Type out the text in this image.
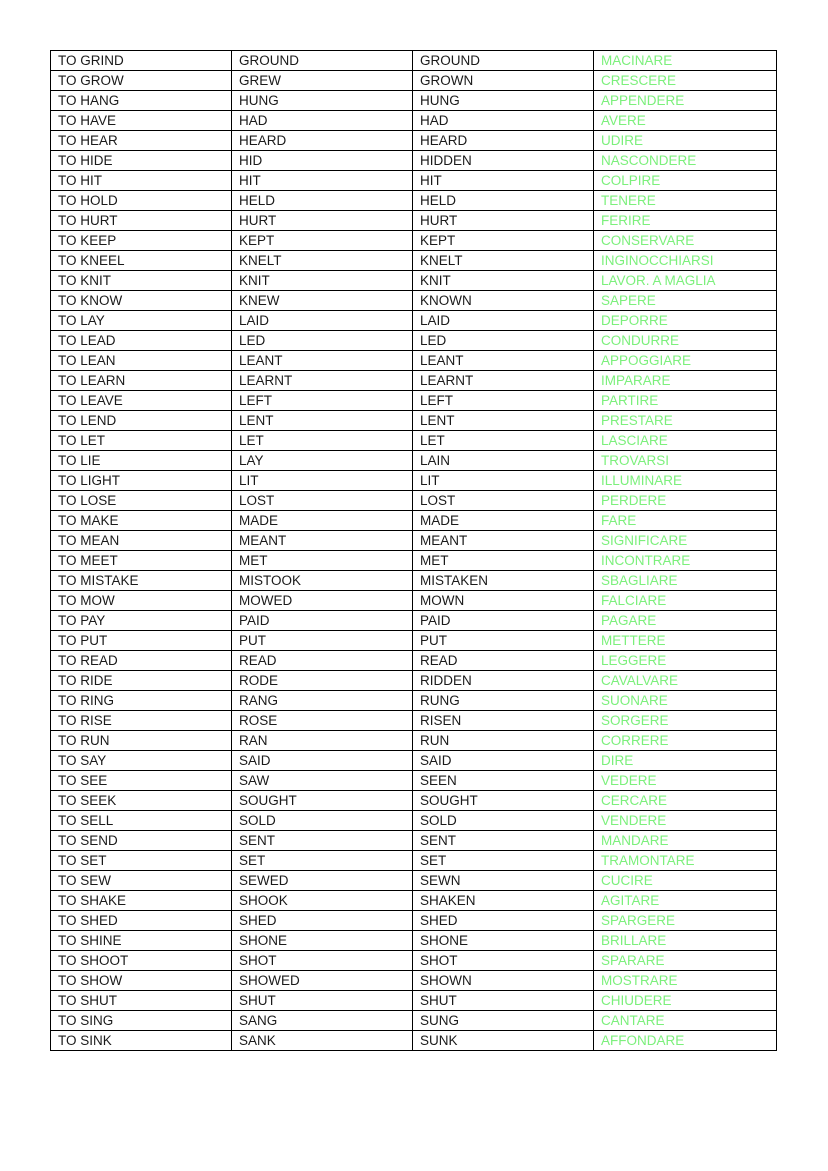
TO GRIND	GROUND	GROUND	MACINARE
TO GROW	GREW	GROWN	CRESCERE
TO HANG	HUNG	HUNG	APPENDERE
TO HAVE	HAD	HAD	AVERE
TO HEAR	HEARD	HEARD	UDIRE
TO HIDE	HID	HIDDEN	NASCONDERE
TO HIT	HIT	HIT	COLPIRE
TO HOLD	HELD	HELD	TENERE
TO HURT	HURT	HURT	FERIRE
TO KEEP	KEPT	KEPT	CONSERVARE
TO KNEEL	KNELT	KNELT	INGINOCCHIARSI
TO KNIT	KNIT	KNIT	LAVOR. A MAGLIA
TO KNOW	KNEW	KNOWN	SAPERE
TO LAY	LAID	LAID	DEPORRE
TO LEAD	LED	LED	CONDURRE
TO LEAN	LEANT	LEANT	APPOGGIARE
TO LEARN	LEARNT	LEARNT	IMPARARE
TO LEAVE	LEFT	LEFT	PARTIRE
TO LEND	LENT	LENT	PRESTARE
TO LET	LET	LET	LASCIARE
TO LIE	LAY	LAIN	TROVARSI
TO LIGHT	LIT	LIT	ILLUMINARE
TO LOSE	LOST	LOST	PERDERE
TO MAKE	MADE	MADE	FARE
TO MEAN	MEANT	MEANT	SIGNIFICARE
TO MEET	MET	MET	INCONTRARE
TO MISTAKE	MISTOOK	MISTAKEN	SBAGLIARE
TO MOW	MOWED	MOWN	FALCIARE
TO PAY	PAID	PAID	PAGARE
TO PUT	PUT	PUT	METTERE
TO READ	READ	READ	LEGGERE
TO RIDE	RODE	RIDDEN	CAVALVARE
TO RING	RANG	RUNG	SUONARE
TO RISE	ROSE	RISEN	SORGERE
TO RUN	RAN	RUN	CORRERE
TO SAY	SAID	SAID	DIRE
TO SEE	SAW	SEEN	VEDERE
TO SEEK	SOUGHT	SOUGHT	CERCARE
TO SELL	SOLD	SOLD	VENDERE
TO SEND	SENT	SENT	MANDARE
TO SET	SET	SET	TRAMONTARE
TO SEW	SEWED	SEWN	CUCIRE
TO SHAKE	SHOOK	SHAKEN	AGITARE
TO SHED	SHED	SHED	SPARGERE
TO SHINE	SHONE	SHONE	BRILLARE
TO SHOOT	SHOT	SHOT	SPARARE
TO SHOW	SHOWED	SHOWN	MOSTRARE
TO SHUT	SHUT	SHUT	CHIUDERE
TO SING	SANG	SUNG	CANTARE
TO SINK	SANK	SUNK	AFFONDARE
